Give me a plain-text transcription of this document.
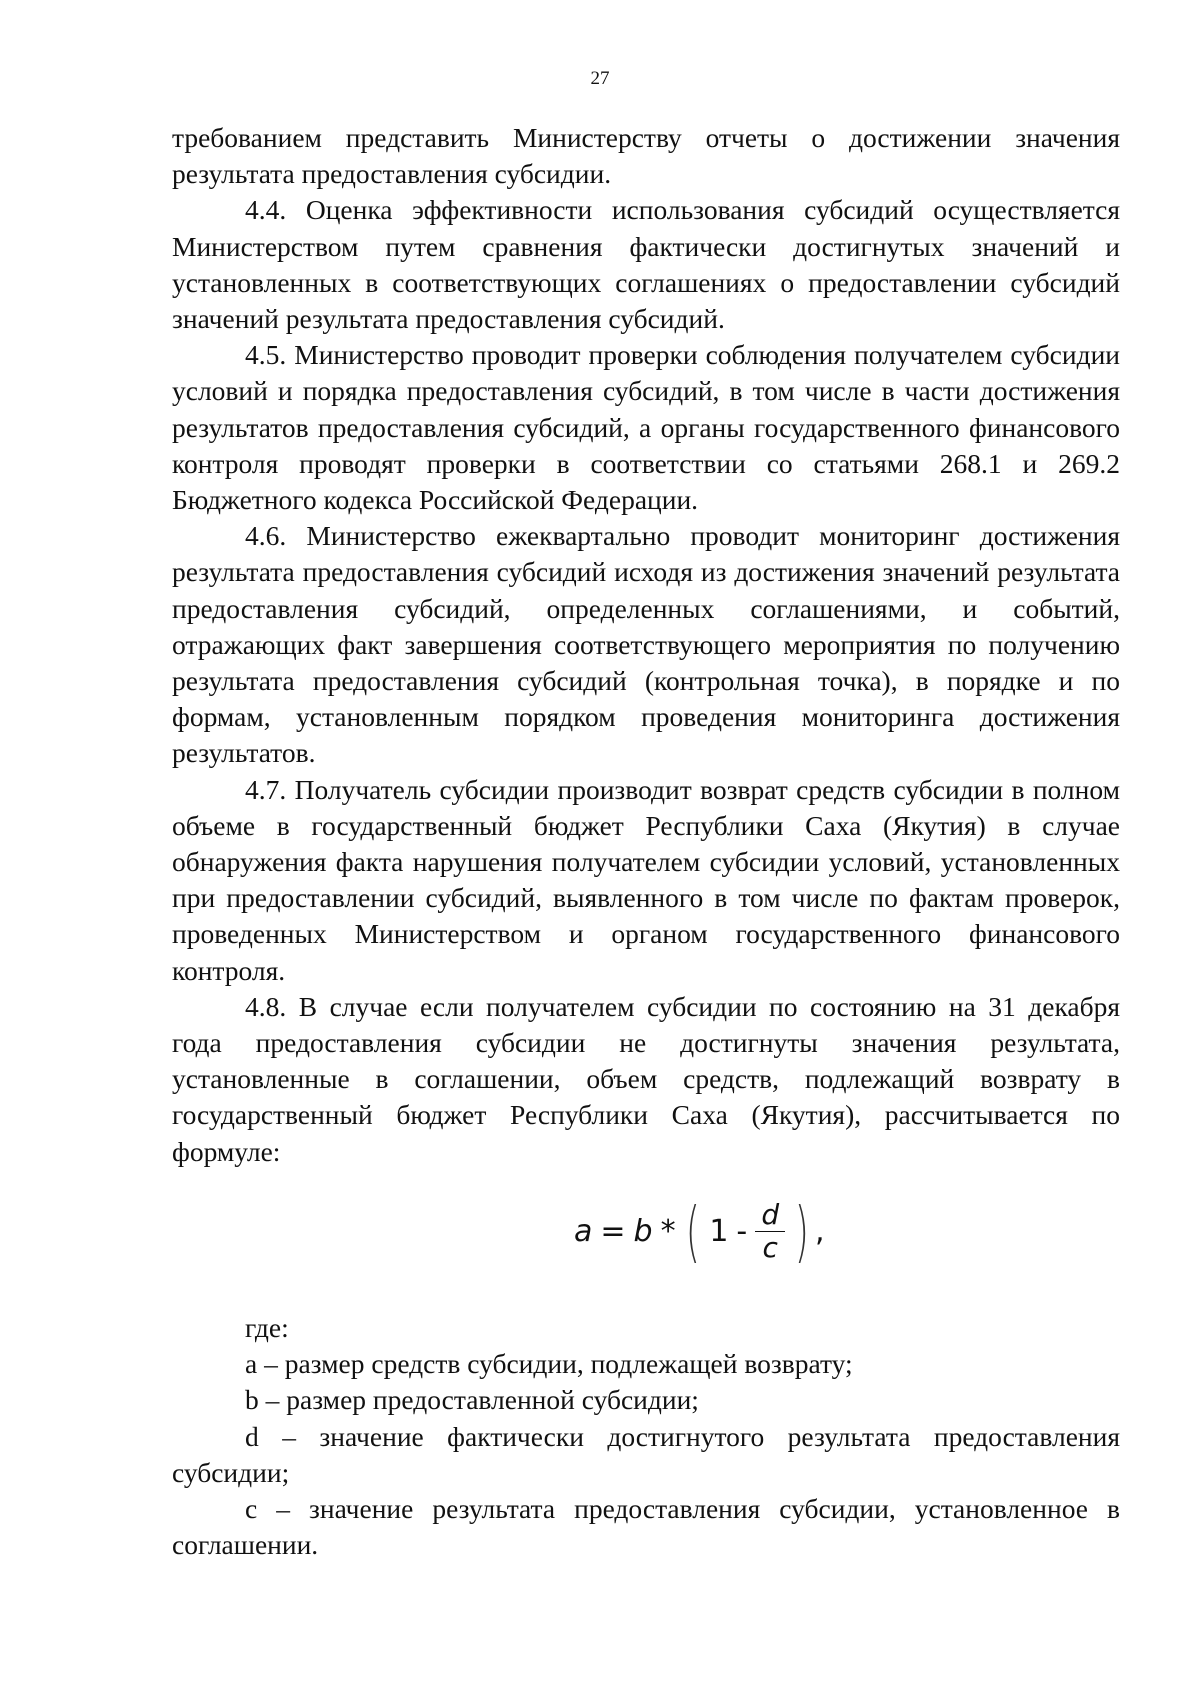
27

требованием представить Министерству отчеты о достижении значения результата предоставления субсидии.

4.4. Оценка эффективности использования субсидий осуществляется Министерством путем сравнения фактически достигнутых значений и установленных в соответствующих соглашениях о предоставлении субсидий значений результата предоставления субсидий.

4.5. Министерство проводит проверки соблюдения получателем субсидии условий и порядка предоставления субсидий, в том числе в части достижения результатов предоставления субсидий, а органы государственного финансового контроля проводят проверки в соответствии со статьями 268.1 и 269.2 Бюджетного кодекса Российской Федерации.

4.6. Министерство ежеквартально проводит мониторинг достижения результата предоставления субсидий исходя из достижения значений результата предоставления субсидий, определенных соглашениями, и событий, отражающих факт завершения соответствующего мероприятия по получению результата предоставления субсидий (контрольная точка), в порядке и по формам, установленным порядком проведения мониторинга достижения результатов.

4.7. Получатель субсидии производит возврат средств субсидии в полном объеме в государственный бюджет Республики Саха (Якутия) в случае обнаружения факта нарушения получателем субсидии условий, установленных при предоставлении субсидий, выявленного в том числе по фактам проверок, проведенных Министерством и органом государственного финансового контроля.

4.8. В случае если получателем субсидии по состоянию на 31 декабря года предоставления субсидии не достигнуты значения результата, установленные в соглашении, объем средств, подлежащий возврату в государственный бюджет Республики Саха (Якутия), рассчитывается по формуле:

a = b * ( $1 - \frac{d}{c}$ ) ,

где:

a – размер средств субсидии, подлежащей возврату;

b – размер предоставленной субсидии;

d – значение фактически достигнутого результата предоставления субсидии;

c – значение результата предоставления субсидии, установленное в соглашении.
